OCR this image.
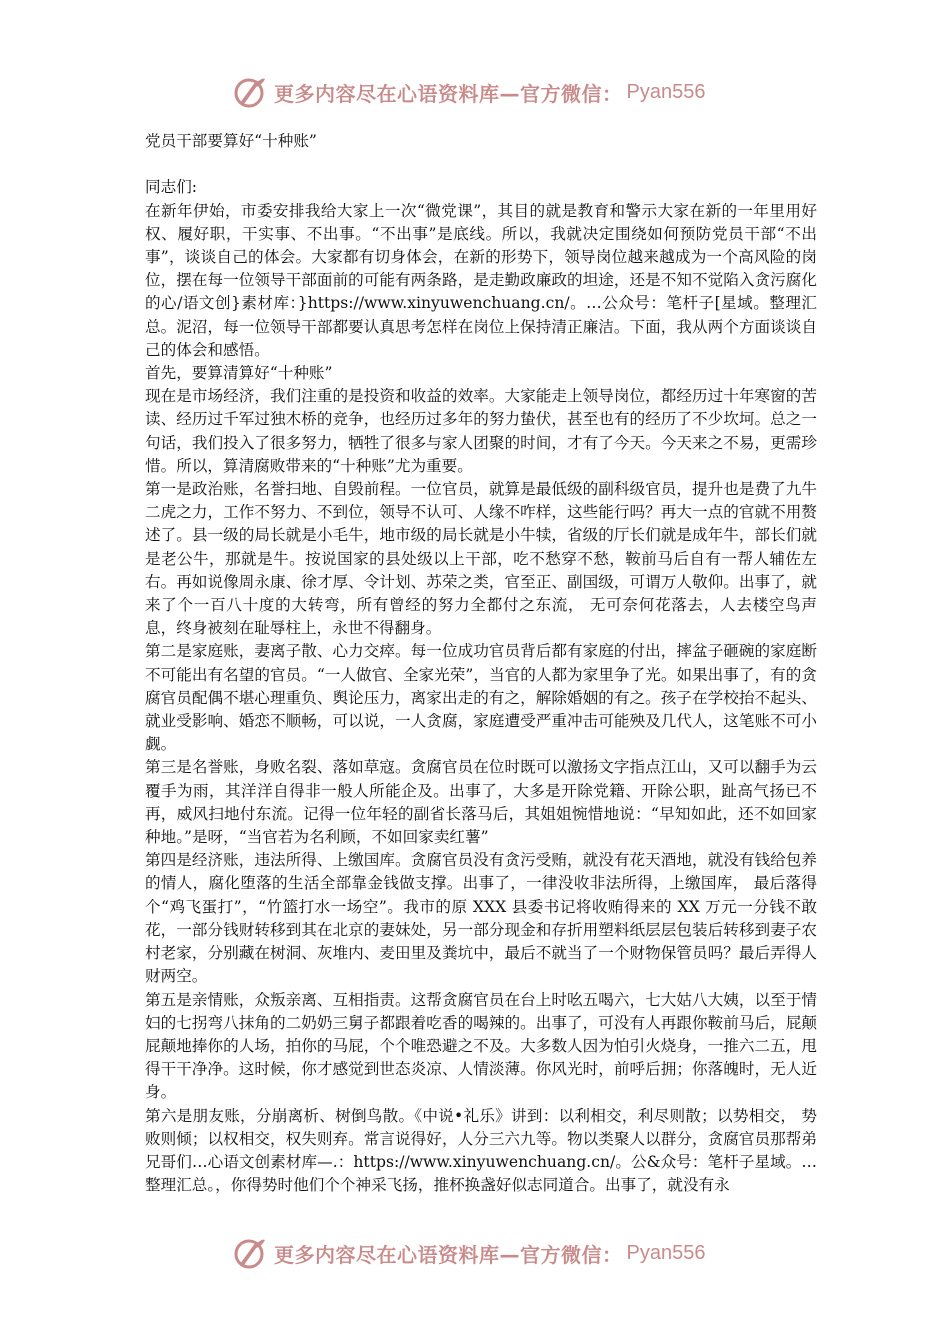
更多内容尽在心语资料库—官方微信： Pyan556

党员干部要算好“十种账”

同志们:

在新年伊始，市委安排我给大家上一次“微党课”，其目的就是教育和警示大家在新的一年里用好权、履好职，干实事、不出事。“不出事”是底线。所以，我就决定围绕如何预防党员干部“不出事”，谈谈自己的体会。大家都有切身体会，在新的形势下，领导岗位越来越成为一个高风险的岗位，摆在每一位领导干部面前的可能有两条路，是走勤政廉政的坦途，还是不知不觉陷入贪污腐化的心/语文创}素材库：}https://www.xinyuwenchuang.cn/。…公众号：笔杆子[星域。整理汇总。泥沼，每一位领导干部都要认真思考怎样在岗位上保持清正廉洁。下面，我从两个方面谈谈自己的体会和感悟。

首先，要算清算好“十种账”

现在是市场经济，我们注重的是投资和收益的效率。大家能走上领导岗位，都经历过十年寒窗的苦读、经历过千军过独木桥的竞争，也经历过多年的努力蛰伏，甚至也有的经历了不少坎坷。总之一句话，我们投入了很多努力，牺牲了很多与家人团聚的时间，才有了今天。今天来之不易，更需珍惜。所以，算清腐败带来的“十种账”尤为重要。

第一是政治账，名誉扫地、自毁前程。一位官员，就算是最低级的副科级官员，提升也是费了九牛二虎之力，工作不努力、不到位，领导不认可、人缘不咋样，这些能行吗？再大一点的官就不用赘述了。县一级的局长就是小毛牛，地市级的局长就是小牛犊，省级的厅长们就是成年牛，部长们就是老公牛，那就是牛。按说国家的县处级以上干部，吃不愁穿不愁，鞍前马后自有一帮人辅佐左右。再如说像周永康、徐才厚、令计划、苏荣之类，官至正、副国级，可谓万人敬仰。出事了，就来了个一百八十度的大转弯，所有曾经的努力全都付之东流， 无可奈何花落去，人去楼空鸟声息，终身被刻在耻辱柱上，永世不得翻身。

第二是家庭账，妻离子散、心力交瘁。每一位成功官员背后都有家庭的付出，摔盆子砸碗的家庭断不可能出有名望的官员。“一人做官、全家光荣”，当官的人都为家里争了光。如果出事了，有的贪腐官员配偶不堪心理重负、舆论压力，离家出走的有之，解除婚姻的有之。孩子在学校抬不起头、就业受影响、婚恋不顺畅，可以说，一人贪腐，家庭遭受严重冲击可能殃及几代人，这笔账不可小觑。

第三是名誉账，身败名裂、落如草寇。贪腐官员在位时既可以激扬文字指点江山，又可以翻手为云覆手为雨，其洋洋自得非一般人所能企及。出事了，大多是开除党籍、开除公职，趾高气扬已不再，威风扫地付东流。记得一位年轻的副省长落马后，其姐姐惋惜地说：“早知如此，还不如回家种地。”是呀，“当官若为名利顾，不如回家卖红薯”

第四是经济账，违法所得、上缴国库。贪腐官员没有贪污受贿，就没有花天酒地，就没有钱给包养的情人，腐化堕落的生活全部靠金钱做支撑。出事了，一律没收非法所得，上缴国库， 最后落得个“鸡飞蛋打”，“竹篮打水一场空”。我市的原 XXX 县委书记将收贿得来的 XX 万元一分钱不敢花，一部分钱财转移到其在北京的妻妹处，另一部分现金和存折用塑料纸层层包装后转移到妻子农村老家，分别藏在树洞、灰堆内、麦田里及粪坑中，最后不就当了一个财物保管员吗？最后弄得人财两空。

第五是亲情账，众叛亲离、互相指责。这帮贪腐官员在台上时吆五喝六，七大姑八大姨，以至于情妇的七拐弯八抹角的二奶奶三舅子都跟着吃香的喝辣的。出事了，可没有人再跟你鞍前马后，屁颠屁颠地捧你的人场，拍你的马屁，个个唯恐避之不及。大多数人因为怕引火烧身，一推六二五，甩得干干净净。这时候，你才感觉到世态炎凉、人情淡薄。你风光时，前呼后拥；你落魄时，无人近身。

第六是朋友账，分崩离析、树倒鸟散。《中说•礼乐》讲到：以利相交，利尽则散；以势相交， 势败则倾；以权相交，权失则弃。常言说得好，人分三六九等。物以类聚人以群分，贪腐官员那帮弟兄哥们…心语文创素材库—.：https://www.xinyuwenchuang.cn/。公&众号：笔杆子星域。…整理汇总。，你得势时他们个个神采飞扬，推杯换盏好似志同道合。出事了，就没有永

更多内容尽在心语资料库—官方微信： Pyan556
